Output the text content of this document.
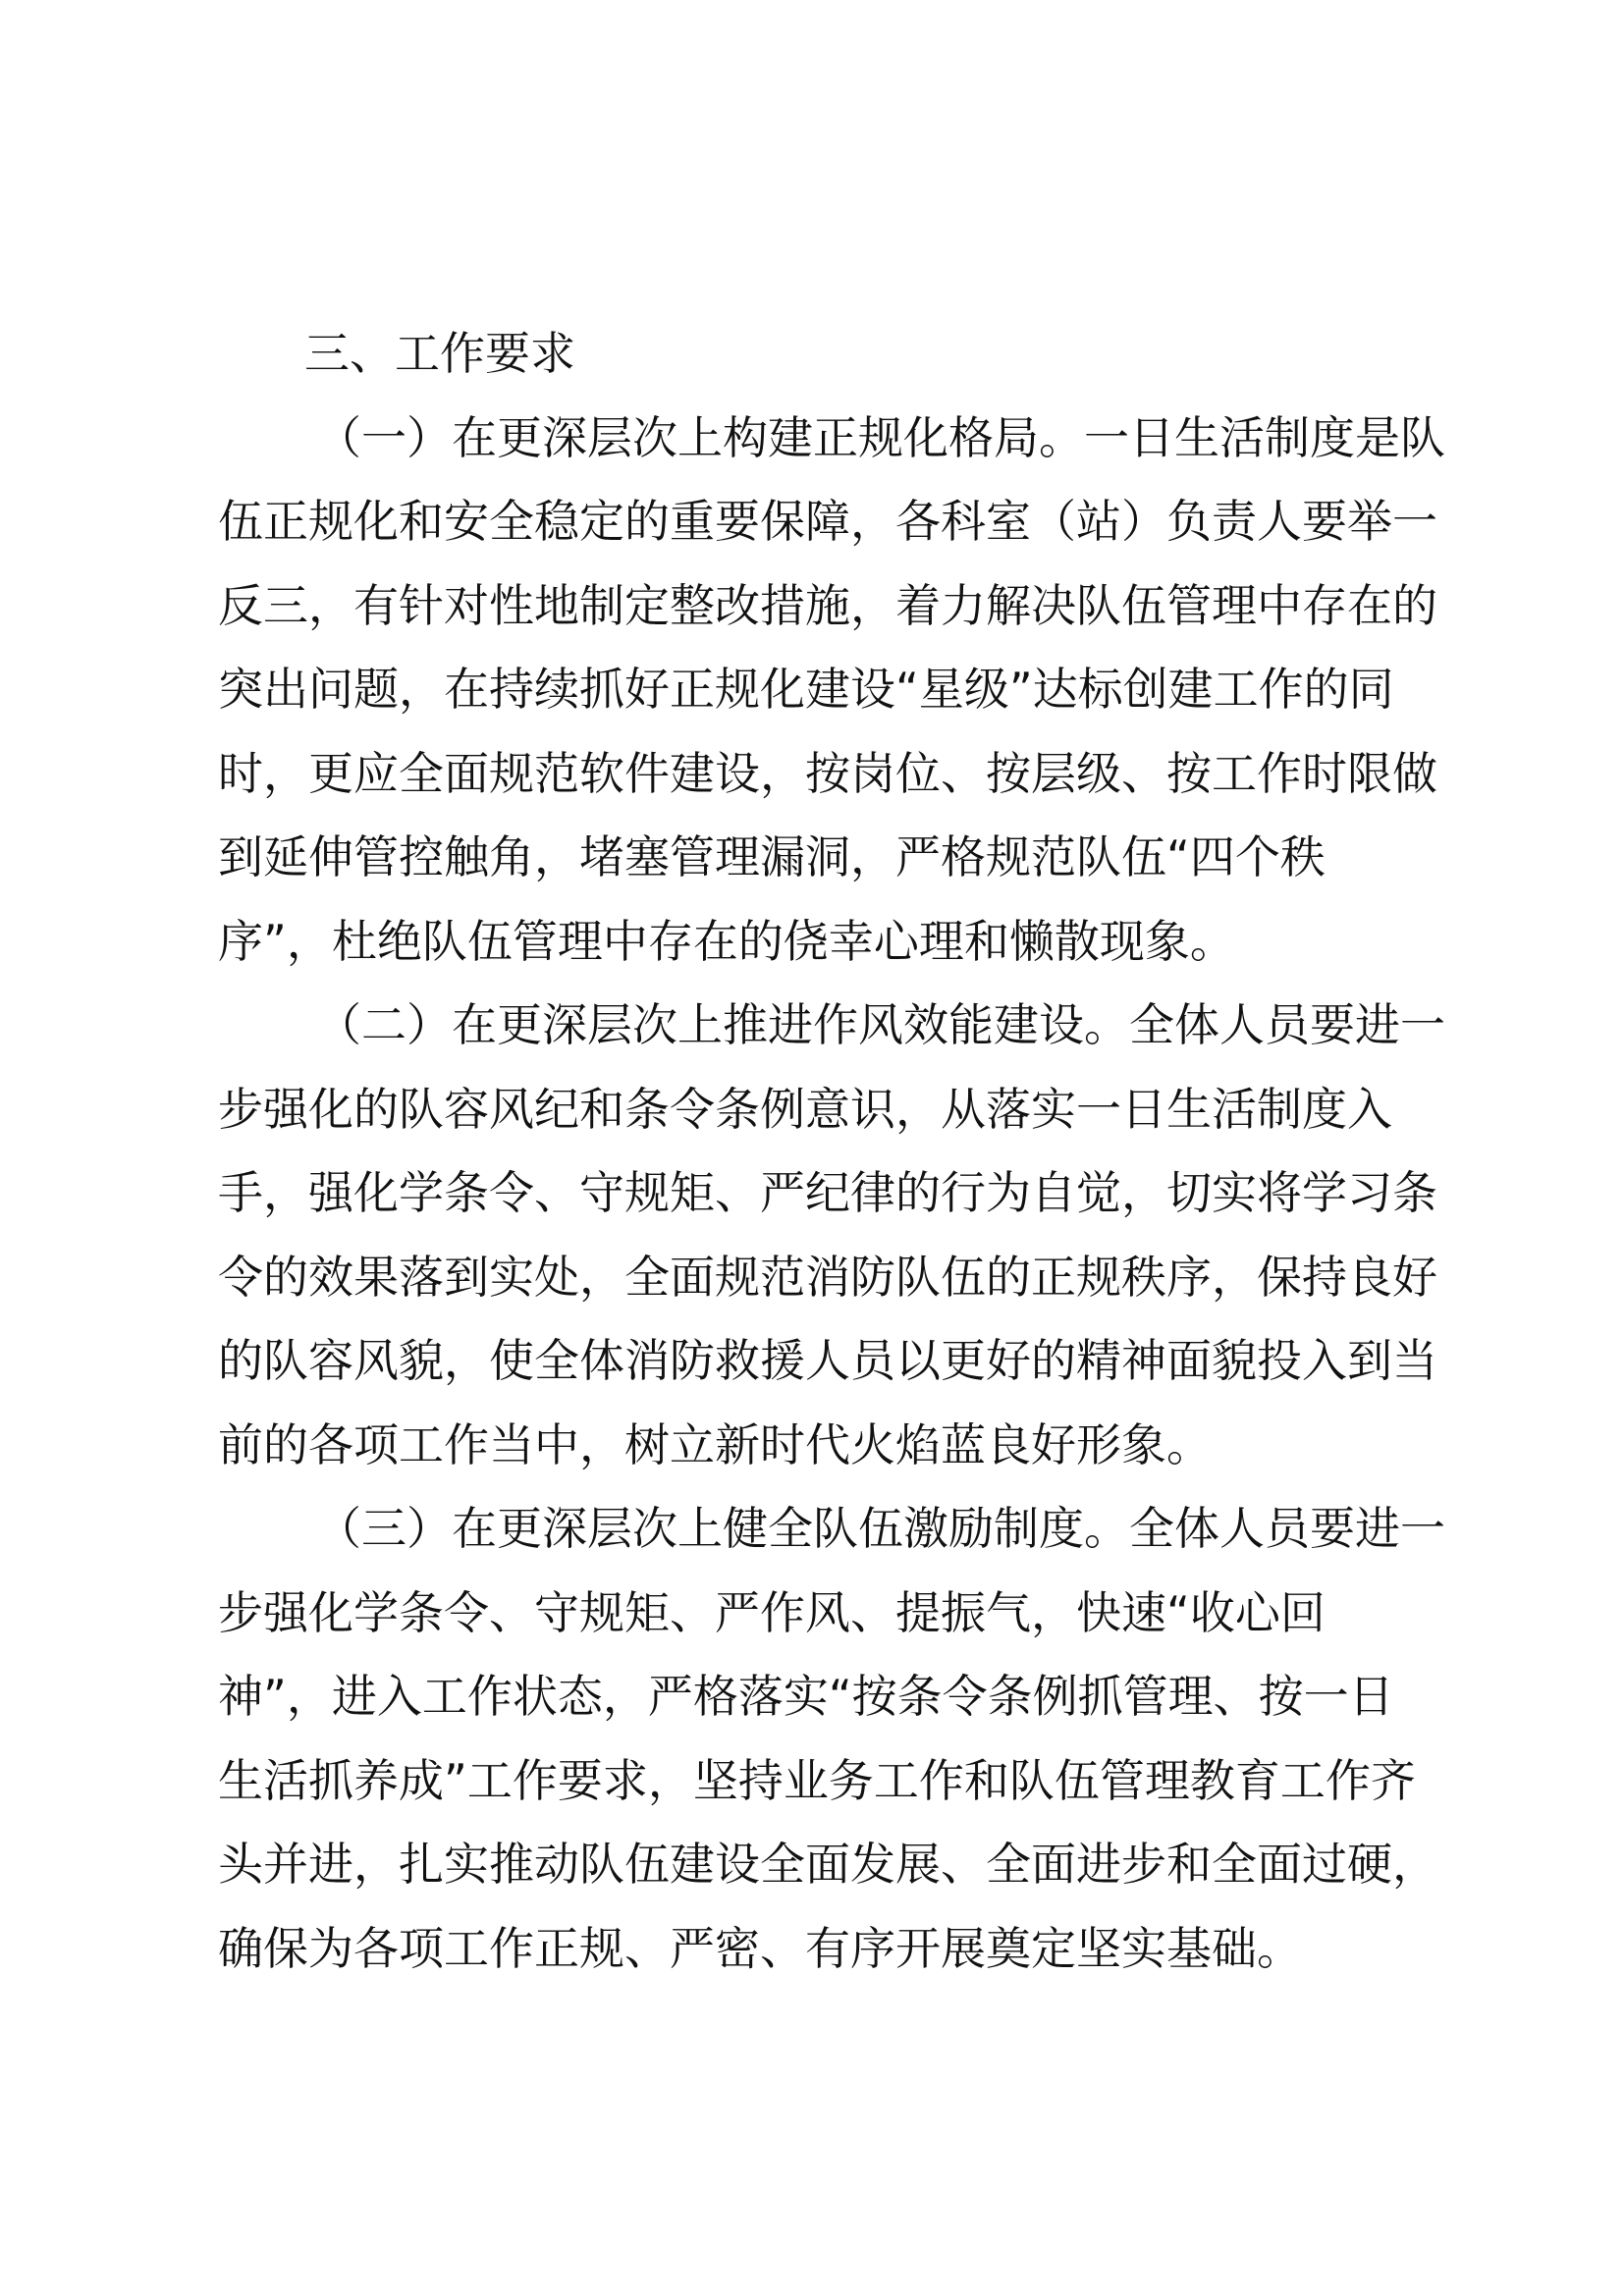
三、工作要求
（一）在更深层次上构建正规化格局。一日生活制度是队
伍正规化和安全稳定的重要保障，各科室（站）负责人要举一
反三，有针对性地制定整改措施，着力解决队伍管理中存在的
突出问题，在持续抓好正规化建设“星级”达标创建工作的同
时，更应全面规范软件建设，按岗位、按层级、按工作时限做
到延伸管控触角，堵塞管理漏洞，严格规范队伍“四个秩
序”，杜绝队伍管理中存在的侥幸心理和懒散现象。
（二）在更深层次上推进作风效能建设。全体人员要进一
步强化的队容风纪和条令条例意识，从落实一日生活制度入
手，强化学条令、守规矩、严纪律的行为自觉，切实将学习条
令的效果落到实处，全面规范消防队伍的正规秩序，保持良好
的队容风貌，使全体消防救援人员以更好的精神面貌投入到当
前的各项工作当中，树立新时代火焰蓝良好形象。
（三）在更深层次上健全队伍激励制度。全体人员要进一
步强化学条令、守规矩、严作风、提振气，快速“收心回
神”，进入工作状态，严格落实“按条令条例抓管理、按一日
生活抓养成”工作要求，坚持业务工作和队伍管理教育工作齐
头并进，扎实推动队伍建设全面发展、全面进步和全面过硬，
确保为各项工作正规、严密、有序开展奠定坚实基础。
